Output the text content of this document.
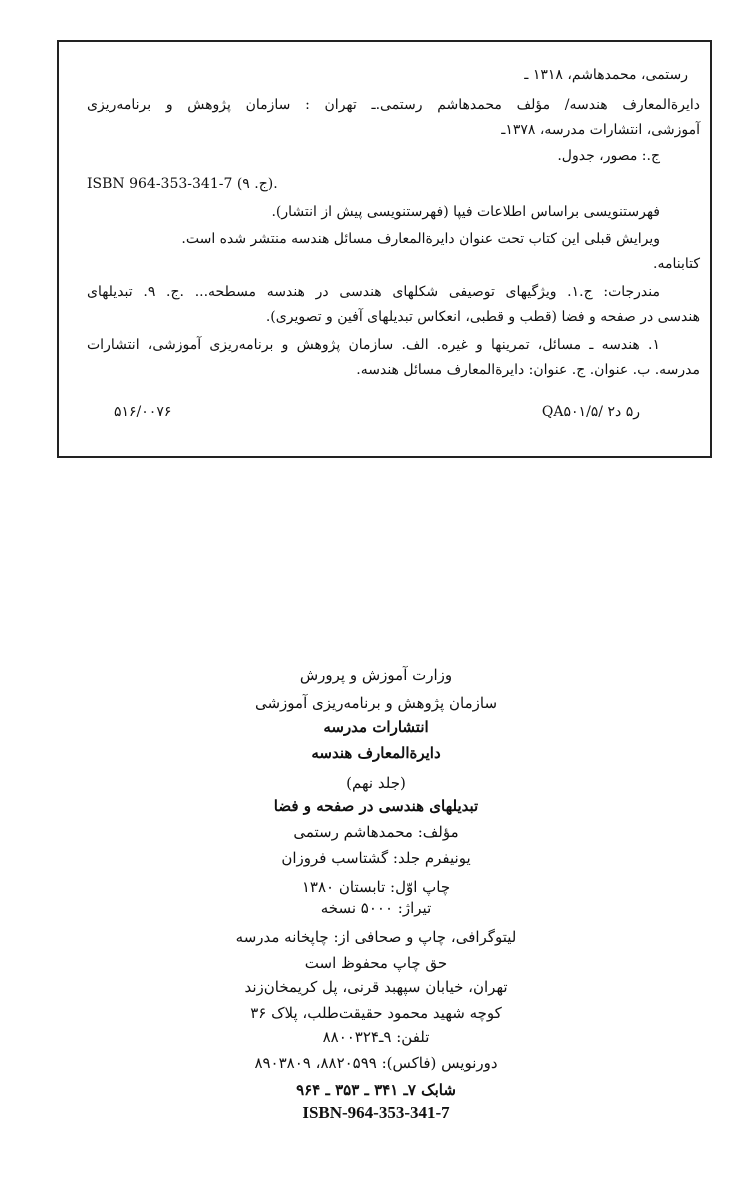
رستمی، محمدهاشم، ۱۳۱۸ ـ
دایرةالمعارف هندسه/ مؤلف محمدهاشم رستمی.ـ تهران : سازمان پژوهش و برنامه‌ریزی
آموزشی، انتشارات مدرسه، ۱۳۷۸ـ
ج.: مصور، جدول.
ISBN 964-353-341-7 (ج. ۹).
فهرستنویسی براساس اطلاعات فیپا (فهرستنویسی پیش از انتشار).
ویرایش قبلی این کتاب تحت عنوان دایرةالمعارف مسائل هندسه منتشر شده است.
کتابنامه.
مندرجات: ج.۱. ویژگیهای توصیفی شکلهای هندسی در هندسه مسطحه... .ج. ۹. تبدیلهای
هندسی در صفحه و فضا (قطب و قطبی، انعکاس تبدیلهای آفین و تصویری).
۱. هندسه ـ مسائل، تمرینها و غیره. الف. سازمان پژوهش و برنامه‌ریزی آموزشی، انتشارات
مدرسه. ب. عنوان. ج. عنوان: دایرةالمعارف مسائل هندسه.
۵۱۶/۰۰۷۶	QA۵۰۱/۵/ ر۵ د۲
وزارت آموزش و پرورش
سازمان پژوهش و برنامه‌ریزی آموزشی
انتشارات مدرسه
دایرةالمعارف هندسه
(جلد نهم)
تبدیلهای هندسی در صفحه و فضا
مؤلف: محمدهاشم رستمی
یونیفرم جلد: گشتاسب فروزان
چاپ اوّل: تابستان ۱۳۸۰
تیراژ: ۵۰۰۰ نسخه
لیتوگرافی، چاپ و صحافی از: چاپخانه مدرسه
حق چاپ محفوظ است
تهران، خیابان سپهبد قرنی، پل کریمخان‌زند
کوچه شهید محمود حقیقت‌طلب، پلاک ۳۶
تلفن: ۹ـ۸۸۰۰۳۲۴
دورنویس (فاکس): ۸۸۲۰۵۹۹، ۸۹۰۳۸۰۹
شابک ۷ـ ۳۴۱ ـ ۳۵۳ ـ ۹۶۴
ISBN-964-353-341-7
